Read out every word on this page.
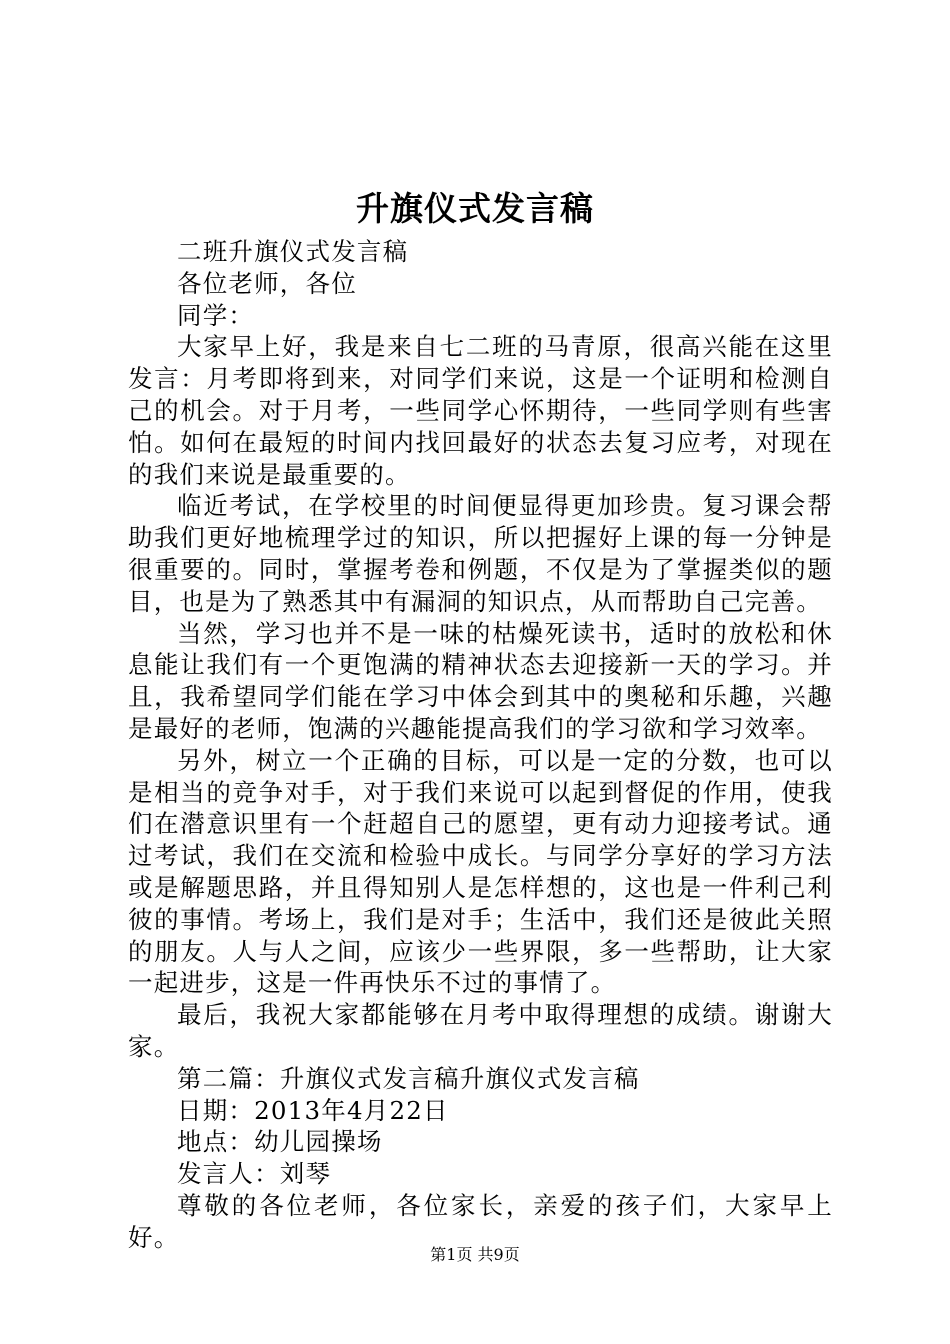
升旗仪式发言稿

二班升旗仪式发言稿

各位老师，各位

同学：

大家早上好，我是来自七二班的马青原，很高兴能在这里发言：月考即将到来，对同学们来说，这是一个证明和检测自己的机会。对于月考，一些同学心怀期待，一些同学则有些害怕。如何在最短的时间内找回最好的状态去复习应考，对现在的我们来说是最重要的。

临近考试，在学校里的时间便显得更加珍贵。复习课会帮助我们更好地梳理学过的知识，所以把握好上课的每一分钟是很重要的。同时，掌握考卷和例题，不仅是为了掌握类似的题目，也是为了熟悉其中有漏洞的知识点，从而帮助自己完善。

当然，学习也并不是一味的枯燥死读书，适时的放松和休息能让我们有一个更饱满的精神状态去迎接新一天的学习。并且，我希望同学们能在学习中体会到其中的奥秘和乐趣，兴趣是最好的老师，饱满的兴趣能提高我们的学习欲和学习效率。

另外，树立一个正确的目标，可以是一定的分数，也可以是相当的竞争对手，对于我们来说可以起到督促的作用，使我们在潜意识里有一个赶超自己的愿望，更有动力迎接考试。通过考试，我们在交流和检验中成长。与同学分享好的学习方法或是解题思路，并且得知别人是怎样想的，这也是一件利己利彼的事情。考场上，我们是对手；生活中，我们还是彼此关照的朋友。人与人之间，应该少一些界限，多一些帮助，让大家一起进步，这是一件再快乐不过的事情了。

最后，我祝大家都能够在月考中取得理想的成绩。谢谢大家。

第二篇：升旗仪式发言稿升旗仪式发言稿

日期：2013年4月22日

地点：幼儿园操场

发言人：刘琴

尊敬的各位老师，各位家长，亲爱的孩子们，大家早上好。

第1页 共9页
